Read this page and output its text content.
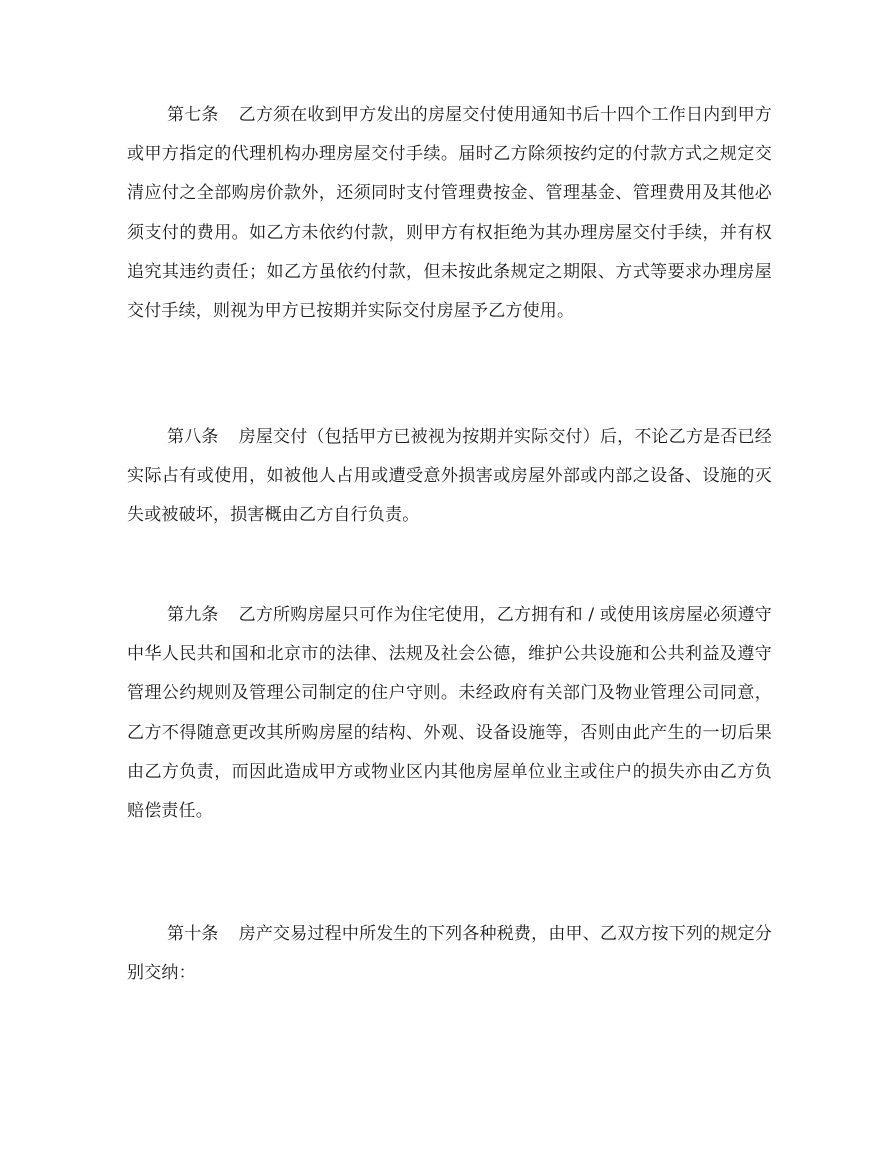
第七条 乙方须在收到甲方发出的房屋交付使用通知书后十四个工作日内到甲方或甲方指定的代理机构办理房屋交付手续。届时乙方除须按约定的付款方式之规定交清应付之全部购房价款外，还须同时支付管理费按金、管理基金、管理费用及其他必须支付的费用。如乙方未依约付款，则甲方有权拒绝为其办理房屋交付手续，并有权追究其违约责任；如乙方虽依约付款，但未按此条规定之期限、方式等要求办理房屋交付手续，则视为甲方已按期并实际交付房屋予乙方使用。

第八条 房屋交付（包括甲方已被视为按期并实际交付）后，不论乙方是否已经实际占有或使用，如被他人占用或遭受意外损害或房屋外部或内部之设备、设施的灭失或被破坏，损害概由乙方自行负责。

第九条 乙方所购房屋只可作为住宅使用，乙方拥有和 / 或使用该房屋必须遵守中华人民共和国和北京市的法律、法规及社会公德，维护公共设施和公共利益及遵守管理公约规则及管理公司制定的住户守则。未经政府有关部门及物业管理公司同意，乙方不得随意更改其所购房屋的结构、外观、设备设施等，否则由此产生的一切后果由乙方负责，而因此造成甲方或物业区内其他房屋单位业主或住户的损失亦由乙方负赔偿责任。

第十条 房产交易过程中所发生的下列各种税费，由甲、乙双方按下列的规定分别交纳：
